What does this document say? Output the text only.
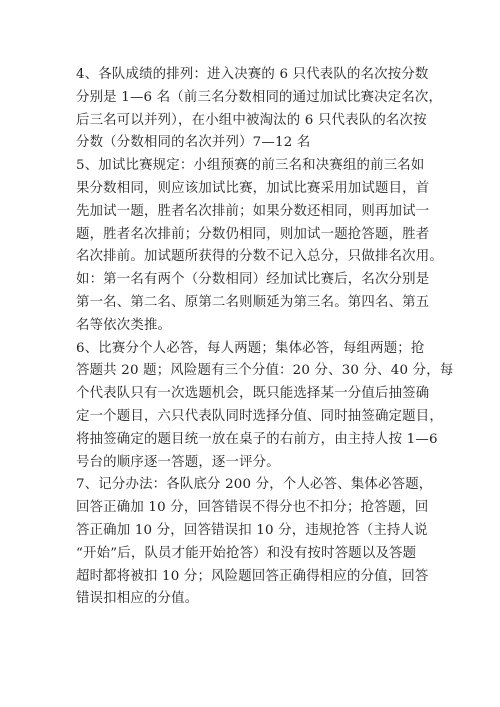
4、各队成绩的排列：进入决赛的 6 只代表队的名次按分数
分别是 1—6 名（前三名分数相同的通过加试比赛决定名次，
后三名可以并列），在小组中被淘汰的 6 只代表队的名次按
分数（分数相同的名次并列）7—12 名
5、加试比赛规定：小组预赛的前三名和决赛组的前三名如
果分数相同，则应该加试比赛，加试比赛采用加试题目，首
先加试一题，胜者名次排前；如果分数还相同，则再加试一
题，胜者名次排前；分数仍相同，则加试一题抢答题，胜者
名次排前。加试题所获得的分数不记入总分，只做排名次用。
如：第一名有两个（分数相同）经加试比赛后，名次分别是
第一名、第二名、原第二名则顺延为第三名。第四名、第五
名等依次类推。
6、比赛分个人必答，每人两题；集体必答，每组两题；抢
答题共 20 题；风险题有三个分值：20 分、30 分、40 分，每
个代表队只有一次选题机会，既只能选择某一分值后抽签确
定一个题目，六只代表队同时选择分值、同时抽签确定题目，
将抽签确定的题目统一放在桌子的右前方，由主持人按 1—6
号台的顺序逐一答题，逐一评分。
7、记分办法：各队底分 200 分，个人必答、集体必答题，
回答正确加 10 分，回答错误不得分也不扣分；抢答题，回
答正确加 10 分，回答错误扣 10 分，违规抢答（主持人说
“开始”后，队员才能开始抢答）和没有按时答题以及答题
超时都将被扣 10 分；风险题回答正确得相应的分值，回答
错误扣相应的分值。
